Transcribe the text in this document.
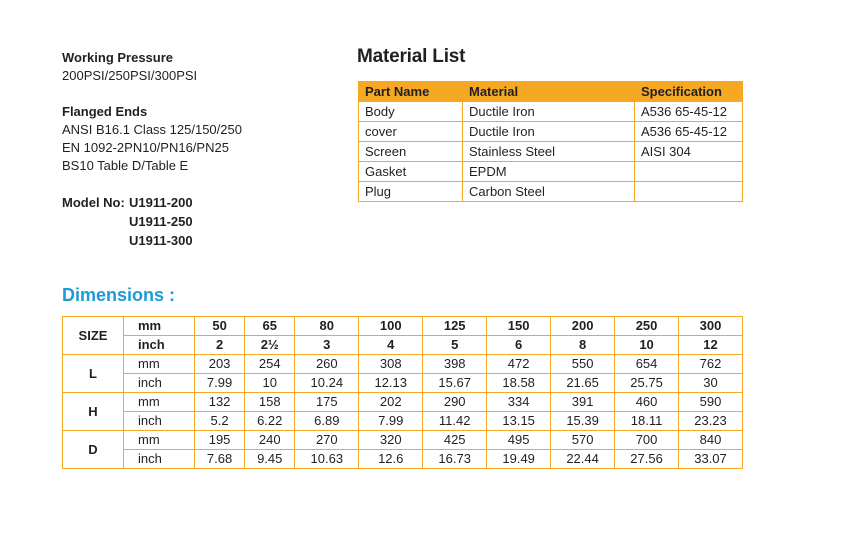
Working Pressure
200PSI/250PSI/300PSI
Flanged Ends
ANSI B16.1 Class 125/150/250
EN 1092-2PN10/PN16/PN25
BS10 Table D/Table E
Model No: U1911-200
U1911-250
U1911-300
Material List
Part Name	Material	Specification
Body	Ductile Iron	A536 65-45-12
cover	Ductile Iron	A536 65-45-12
Screen	Stainless Steel	AISI 304
Gasket	EPDM	
Plug	Carbon Steel	
Dimensions :
SIZE	mm	50	65	80	100	125	150	200	250	300
	inch	2	2½	3	4	5	6	8	10	12
L	mm	203	254	260	308	398	472	550	654	762
	inch	7.99	10	10.24	12.13	15.67	18.58	21.65	25.75	30
H	mm	132	158	175	202	290	334	391	460	590
	inch	5.2	6.22	6.89	7.99	11.42	13.15	15.39	18.11	23.23
D	mm	195	240	270	320	425	495	570	700	840
	inch	7.68	9.45	10.63	12.6	16.73	19.49	22.44	27.56	33.07
